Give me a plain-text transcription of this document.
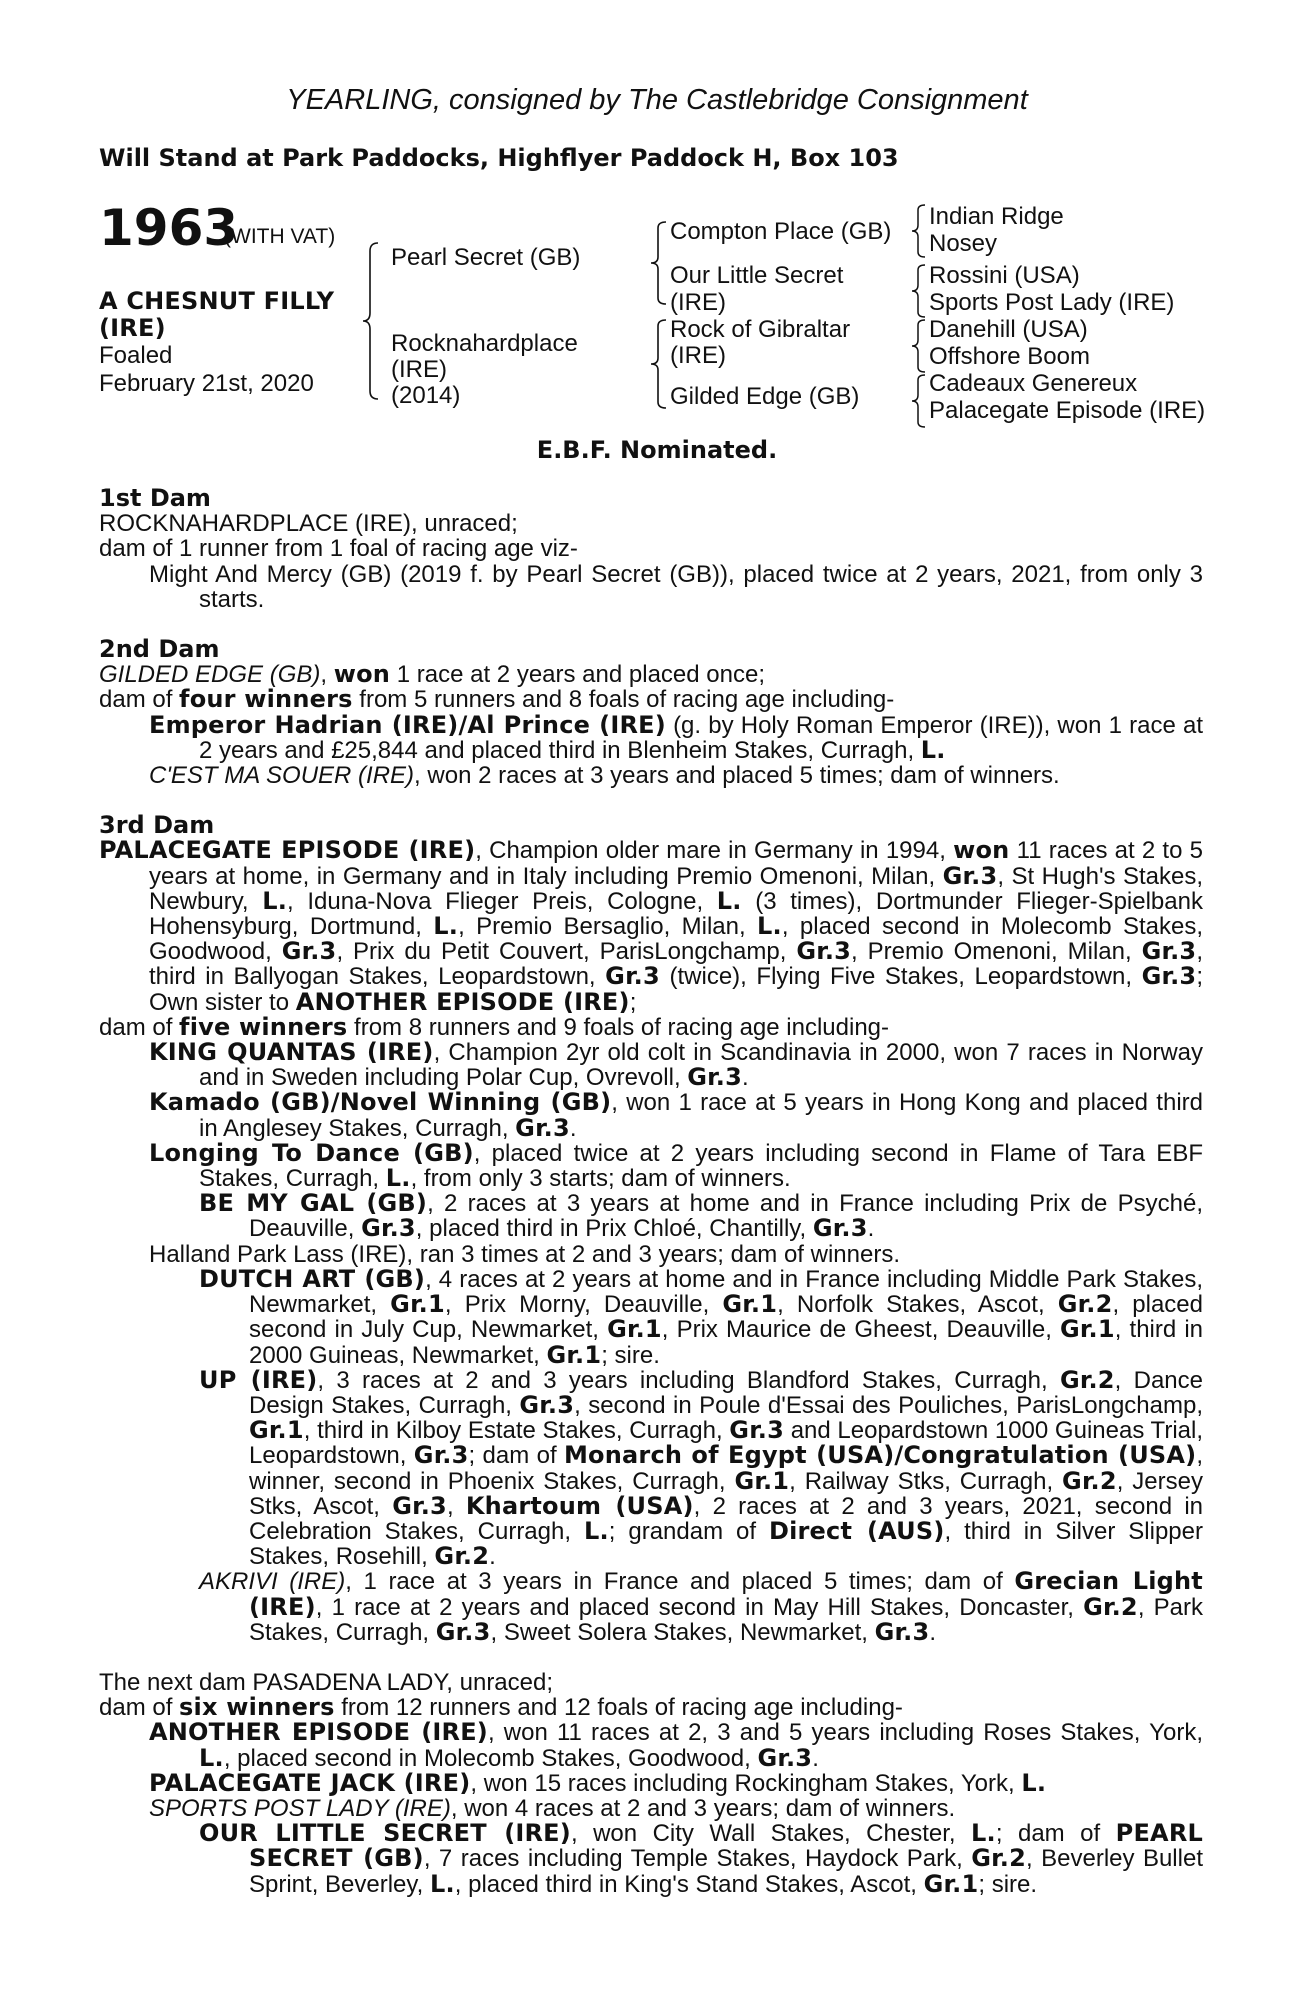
YEARLING, consigned by The Castlebridge Consignment
Will Stand at Park Paddocks, Highflyer Paddock H, Box 103
1963
(WITH VAT)
A CHESNUT FILLY
(IRE)
Foaled
February 21st, 2020
Pearl Secret (GB)
Rocknahardplace
(IRE)
(2014)
Compton Place (GB)
Our Little Secret
(IRE)
Rock of Gibraltar
(IRE)
Gilded Edge (GB)
Indian Ridge
Nosey
Rossini (USA)
Sports Post Lady (IRE)
Danehill (USA)
Offshore Boom
Cadeaux Genereux
Palacegate Episode (IRE)
E.B.F. Nominated.
1st Dam

ROCKNAHARDPLACE (IRE), unraced;

dam of 1 runner from 1 foal of racing age viz-

Might And Mercy (GB) (2019 f. by Pearl Secret (GB)), placed twice at 2 years, 2021, from only 3 starts.

2nd Dam

GILDED EDGE (GB), won 1 race at 2 years and placed once;

dam of four winners from 5 runners and 8 foals of racing age including-

Emperor Hadrian (IRE)/Al Prince (IRE) (g. by Holy Roman Emperor (IRE)), won 1 race at 2 years and £25,844 and placed third in Blenheim Stakes, Curragh, L.

C'EST MA SOUER (IRE), won 2 races at 3 years and placed 5 times; dam of winners.

3rd Dam

PALACEGATE EPISODE (IRE), Champion older mare in Germany in 1994, won 11 races at 2 to 5 years at home, in Germany and in Italy including Premio Omenoni, Milan, Gr.3, St Hugh's Stakes, Newbury, L., Iduna-Nova Flieger Preis, Cologne, L. (3 times), Dortmunder Flieger-Spielbank Hohensyburg, Dortmund, L., Premio Bersaglio, Milan, L., placed second in Molecomb Stakes, Goodwood, Gr.3, Prix du Petit Couvert, ParisLongchamp, Gr.3, Premio Omenoni, Milan, Gr.3, third in Ballyogan Stakes, Leopardstown, Gr.3 (twice), Flying Five Stakes, Leopardstown, Gr.3; Own sister to ANOTHER EPISODE (IRE);

dam of five winners from 8 runners and 9 foals of racing age including-

KING QUANTAS (IRE), Champion 2yr old colt in Scandinavia in 2000, won 7 races in Norway and in Sweden including Polar Cup, Ovrevoll, Gr.3.

Kamado (GB)/Novel Winning (GB), won 1 race at 5 years in Hong Kong and placed third in Anglesey Stakes, Curragh, Gr.3.

Longing To Dance (GB), placed twice at 2 years including second in Flame of Tara EBF Stakes, Curragh, L., from only 3 starts; dam of winners.

BE MY GAL (GB), 2 races at 3 years at home and in France including Prix de Psyché, Deauville, Gr.3, placed third in Prix Chloé, Chantilly, Gr.3.

Halland Park Lass (IRE), ran 3 times at 2 and 3 years; dam of winners.

DUTCH ART (GB), 4 races at 2 years at home and in France including Middle Park Stakes, Newmarket, Gr.1, Prix Morny, Deauville, Gr.1, Norfolk Stakes, Ascot, Gr.2, placed second in July Cup, Newmarket, Gr.1, Prix Maurice de Gheest, Deauville, Gr.1, third in 2000 Guineas, Newmarket, Gr.1; sire.

UP (IRE), 3 races at 2 and 3 years including Blandford Stakes, Curragh, Gr.2, Dance Design Stakes, Curragh, Gr.3, second in Poule d'Essai des Pouliches, ParisLongchamp, Gr.1, third in Kilboy Estate Stakes, Curragh, Gr.3 and Leopardstown 1000 Guineas Trial, Leopardstown, Gr.3; dam of Monarch of Egypt (USA)/Congratulation (USA), winner, second in Phoenix Stakes, Curragh, Gr.1, Railway Stks, Curragh, Gr.2, Jersey Stks, Ascot, Gr.3, Khartoum (USA), 2 races at 2 and 3 years, 2021, second in Celebration Stakes, Curragh, L.; grandam of Direct (AUS), third in Silver Slipper Stakes, Rosehill, Gr.2.

AKRIVI (IRE), 1 race at 3 years in France and placed 5 times; dam of Grecian Light (IRE), 1 race at 2 years and placed second in May Hill Stakes, Doncaster, Gr.2, Park Stakes, Curragh, Gr.3, Sweet Solera Stakes, Newmarket, Gr.3.

The next dam PASADENA LADY, unraced;

dam of six winners from 12 runners and 12 foals of racing age including-

ANOTHER EPISODE (IRE), won 11 races at 2, 3 and 5 years including Roses Stakes, York, L., placed second in Molecomb Stakes, Goodwood, Gr.3.

PALACEGATE JACK (IRE), won 15 races including Rockingham Stakes, York, L.

SPORTS POST LADY (IRE), won 4 races at 2 and 3 years; dam of winners.

OUR LITTLE SECRET (IRE), won City Wall Stakes, Chester, L.; dam of PEARL SECRET (GB), 7 races including Temple Stakes, Haydock Park, Gr.2, Beverley Bullet Sprint, Beverley, L., placed third in King's Stand Stakes, Ascot, Gr.1; sire.
